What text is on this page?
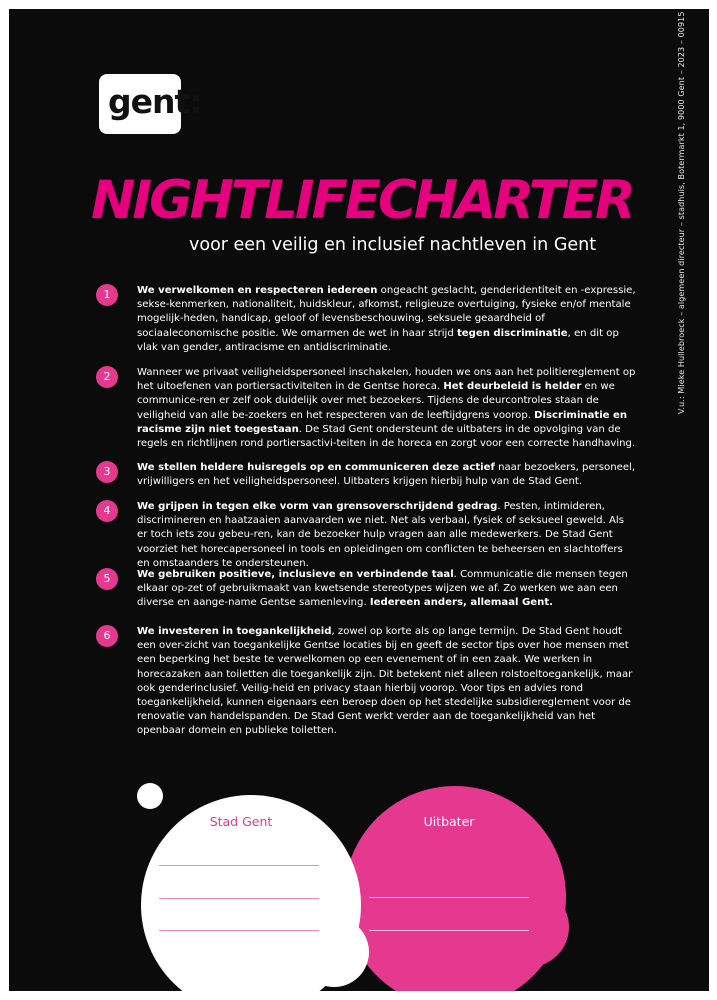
gent:	V.u.: Mieke Hullebroeck – algemeen directeur – stadhuis, Botermarkt 1, 9000 Gent – 2023 – 00915
NIGHTLIFECHARTER
voor een veilig en inclusief nachtleven in Gent
1	We verwelkomen en respecteren iedereen ongeacht geslacht, genderidentiteit en -expressie, sekse-kenmerken, nationaliteit, huidskleur, afkomst, religieuze overtuiging, fysieke en/of mentale mogelijk-heden, handicap, geloof of levensbeschouwing, seksuele geaardheid of sociaaleconomische positie. We omarmen de wet in haar strijd tegen discriminatie, en dit op vlak van gender, antiracisme en antidiscriminatie.
2	Wanneer we privaat veiligheidspersoneel inschakelen, houden we ons aan het politiereglement op het uitoefenen van portiersactiviteiten in de Gentse horeca. Het deurbeleid is helder en we communice-ren er zelf ook duidelijk over met bezoekers. Tijdens de deurcontroles staan de veiligheid van alle be-zoekers en het respecteren van de leeftijdgrens voorop. Discriminatie en racisme zijn niet toegestaan. De Stad Gent ondersteunt de uitbaters in de opvolging van de regels en richtlijnen rond portiersactivi-teiten in de horeca en zorgt voor een correcte handhaving.
3	We stellen heldere huisregels op en communiceren deze actief naar bezoekers, personeel, vrijwilligers en het veiligheidspersoneel. Uitbaters krijgen hierbij hulp van de Stad Gent.
4	We grijpen in tegen elke vorm van grensoverschrijdend gedrag. Pesten, intimideren, discrimineren en haatzaaien aanvaarden we niet. Net als verbaal, fysiek of seksueel geweld. Als er toch iets zou gebeu-ren, kan de bezoeker hulp vragen aan alle medewerkers. De Stad Gent voorziet het horecapersoneel in tools en opleidingen om conflicten te beheersen en slachtoffers en omstaanders te ondersteunen.
5	We gebruiken positieve, inclusieve en verbindende taal. Communicatie die mensen tegen elkaar op-zet of gebruikmaakt van kwetsende stereotypes wijzen we af. Zo werken we aan een diverse en aange-name Gentse samenleving. Iedereen anders, allemaal Gent.
6	We investeren in toegankelijkheid, zowel op korte als op lange termijn. De Stad Gent houdt een over-zicht van toegankelijke Gentse locaties bij en geeft de sector tips over hoe mensen met een beperking het beste te verwelkomen op een evenement of in een zaak. We werken in horecazaken aan toiletten die toegankelijk zijn. Dit betekent niet alleen rolstoeltoegankelijk, maar ook genderinclusief. Veilig-heid en privacy staan hierbij voorop. Voor tips en advies rond toegankelijkheid, kunnen eigenaars een beroep doen op het stedelijke subsidiereglement voor de renovatie van handelspanden. De Stad Gent werkt verder aan de toegankelijkheid van het openbaar domein en publieke toiletten.
Stad Gent	Uitbater
